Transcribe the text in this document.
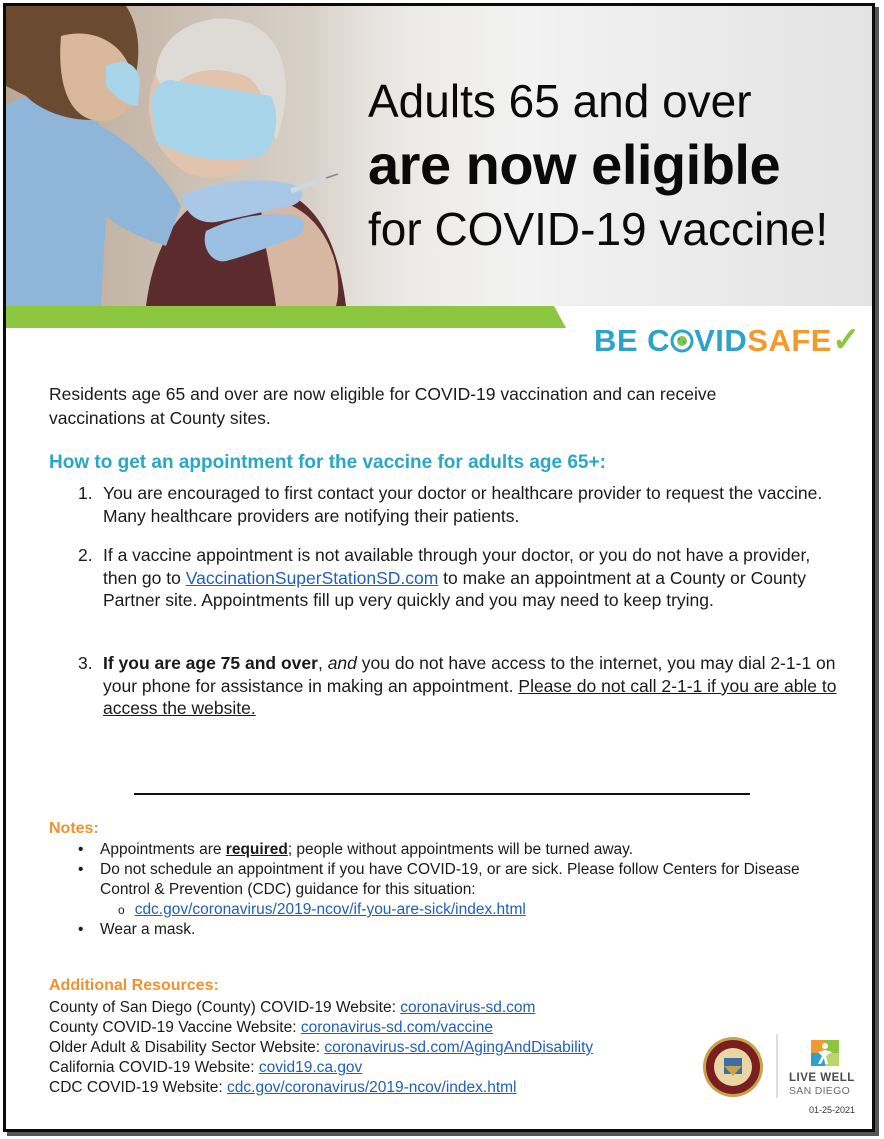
Adults 65 and over
are now eligible
for COVID-19 vaccine!
BE C VIDSAFE✓
Residents age 65 and over are now eligible for COVID-19 vaccination and can receive vaccinations at County sites.
How to get an appointment for the vaccine for adults age 65+:
1. You are encouraged to first contact your doctor or healthcare provider to request the vaccine. Many healthcare providers are notifying their patients.
2. If a vaccine appointment is not available through your doctor, or you do not have a provider, then go to VaccinationSuperStationSD.com to make an appointment at a County or County Partner site. Appointments fill up very quickly and you may need to keep trying.
3. If you are age 75 and over, and you do not have access to the internet, you may dial 2-1-1 on your phone for assistance in making an appointment. Please do not call 2-1-1 if you are able to access the website.
Notes:
• Appointments are required; people without appointments will be turned away.
• Do not schedule an appointment if you have COVID-19, or are sick. Please follow Centers for Disease Control & Prevention (CDC) guidance for this situation:
o cdc.gov/coronavirus/2019-ncov/if-you-are-sick/index.html
• Wear a mask.
Additional Resources:
County of San Diego (County) COVID-19 Website: coronavirus-sd.com
County COVID-19 Vaccine Website: coronavirus-sd.com/vaccine
Older Adult & Disability Sector Website: coronavirus-sd.com/AgingAndDisability
California COVID-19 Website: covid19.ca.gov
CDC COVID-19 Website: cdc.gov/coronavirus/2019-ncov/index.html
LIVE WELL
SAN DIEGO
01-25-2021
